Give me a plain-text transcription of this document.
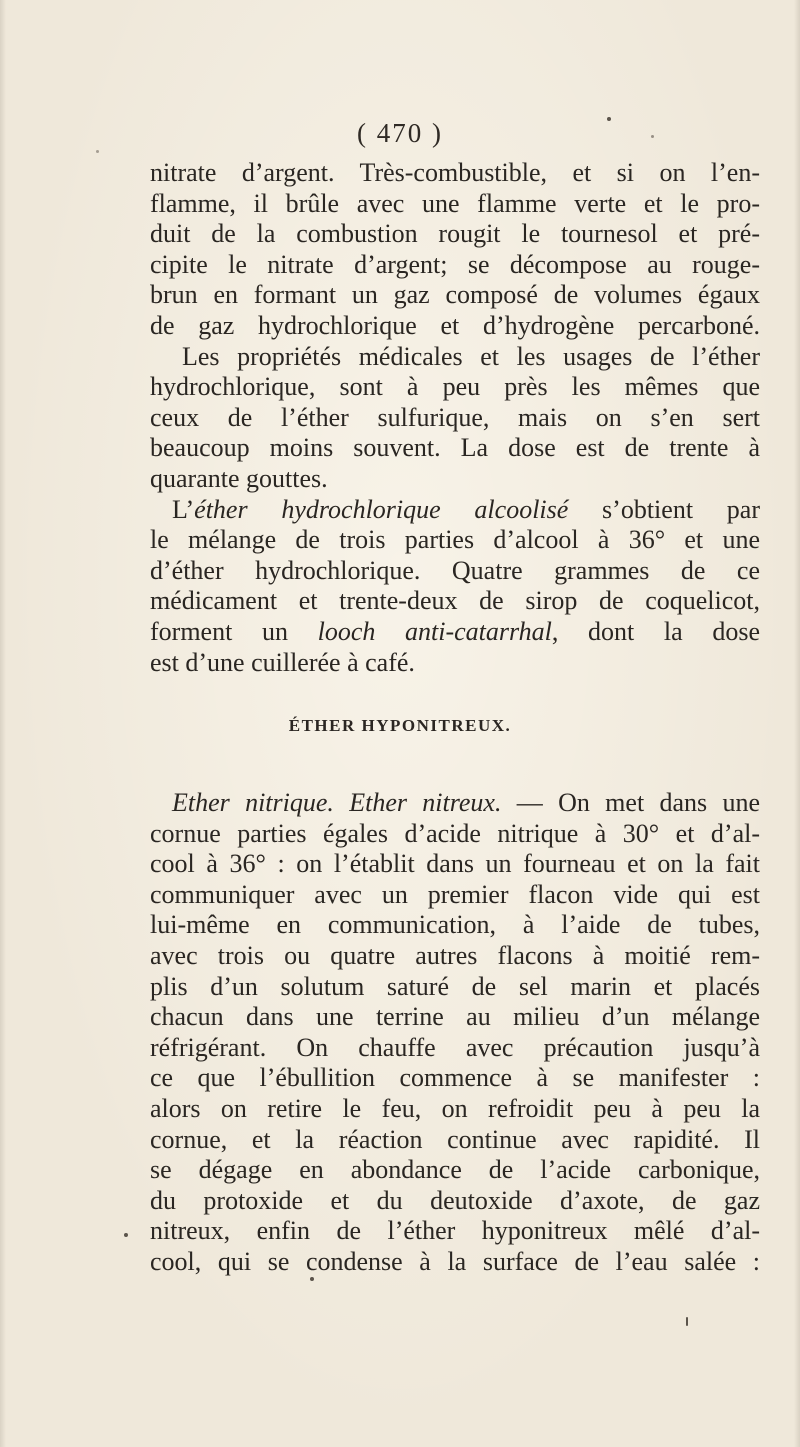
( 470 )
nitrate d’argent. Très-combustible, et si on l’en-
flamme, il brûle avec une flamme verte et le pro-
duit de la combustion rougit le tournesol et pré-
cipite le nitrate d’argent; se décompose au rouge-
brun en formant un gaz composé de volumes égaux
de gaz hydrochlorique et d’hydrogène percarboné.
Les propriétés médicales et les usages de l’éther
hydrochlorique, sont à peu près les mêmes que
ceux de l’éther sulfurique, mais on s’en sert
beaucoup moins souvent. La dose est de trente à
quarante gouttes.
L’éther hydrochlorique alcoolisé s’obtient par
le mélange de trois parties d’alcool à 36° et une
d’éther hydrochlorique. Quatre grammes de ce
médicament et trente-deux de sirop de coquelicot,
forment un looch anti-catarrhal, dont la dose
est d’une cuillerée à café.
ÉTHER HYPONITREUX.
Ether nitrique. Ether nitreux. — On met dans une
cornue parties égales d’acide nitrique à 30° et d’al-
cool à 36° : on l’établit dans un fourneau et on la fait
communiquer avec un premier flacon vide qui est
lui-même en communication, à l’aide de tubes,
avec trois ou quatre autres flacons à moitié rem-
plis d’un solutum saturé de sel marin et placés
chacun dans une terrine au milieu d’un mélange
réfrigérant. On chauffe avec précaution jusqu’à
ce que l’ébullition commence à se manifester :
alors on retire le feu, on refroidit peu à peu la
cornue, et la réaction continue avec rapidité. Il
se dégage en abondance de l’acide carbonique,
du protoxide et du deutoxide d’axote, de gaz
nitreux, enfin de l’éther hyponitreux mêlé d’al-
cool, qui se condense à la surface de l’eau salée :
